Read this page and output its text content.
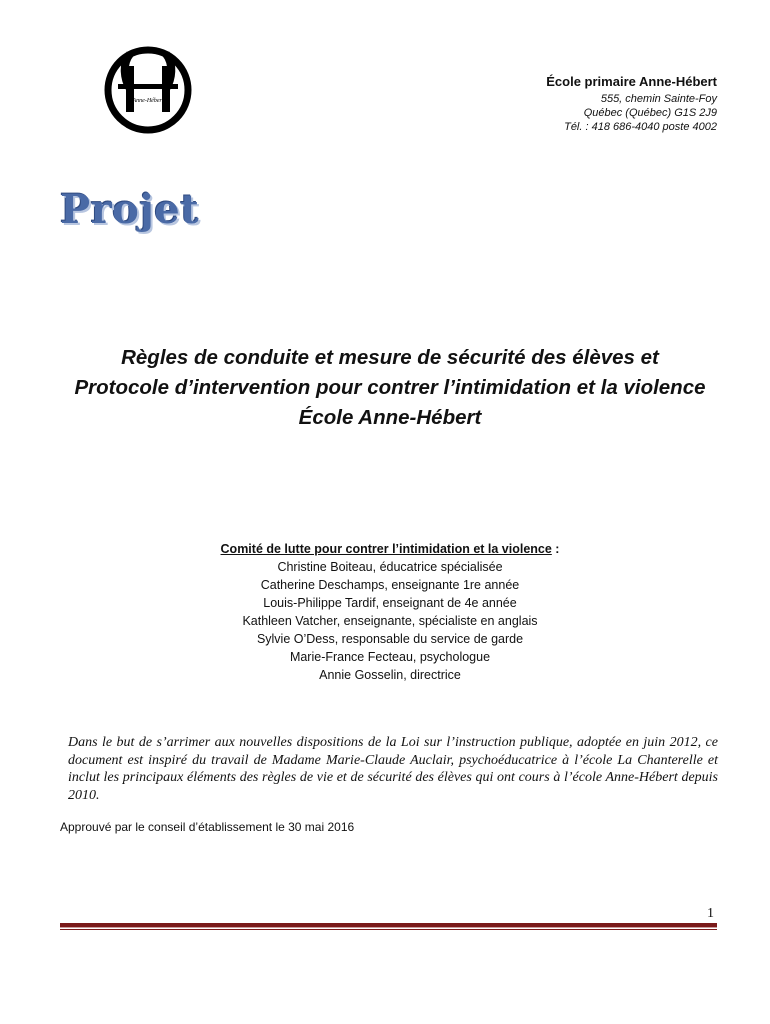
Anne-Hébert
École primaire Anne-Hébert
555, chemin Sainte-Foy
Québec (Québec) G1S 2J9
Tél. : 418 686-4040 poste 4002
Projet
Règles de conduite et mesure de sécurité des élèves et
Protocole d’intervention pour contrer l’intimidation et la violence
École Anne-Hébert
Comité de lutte pour contrer l’intimidation et la violence :
Christine Boiteau, éducatrice spécialisée
Catherine Deschamps, enseignante 1re année
Louis-Philippe Tardif, enseignant de 4e année
Kathleen Vatcher, enseignante, spécialiste en anglais
Sylvie O’Dess, responsable du service de garde
Marie-France Fecteau, psychologue
Annie Gosselin, directrice
Dans le but de s’arrimer aux nouvelles dispositions de la Loi sur l’instruction publique, adoptée en juin 2012, ce document est inspiré du travail de Madame Marie-Claude Auclair, psychoéducatrice à l’école La Chanterelle et inclut les principaux éléments des règles de vie et de sécurité des élèves qui ont cours à l’école Anne-Hébert depuis 2010.
Approuvé par le conseil d’établissement le 30 mai 2016
1
